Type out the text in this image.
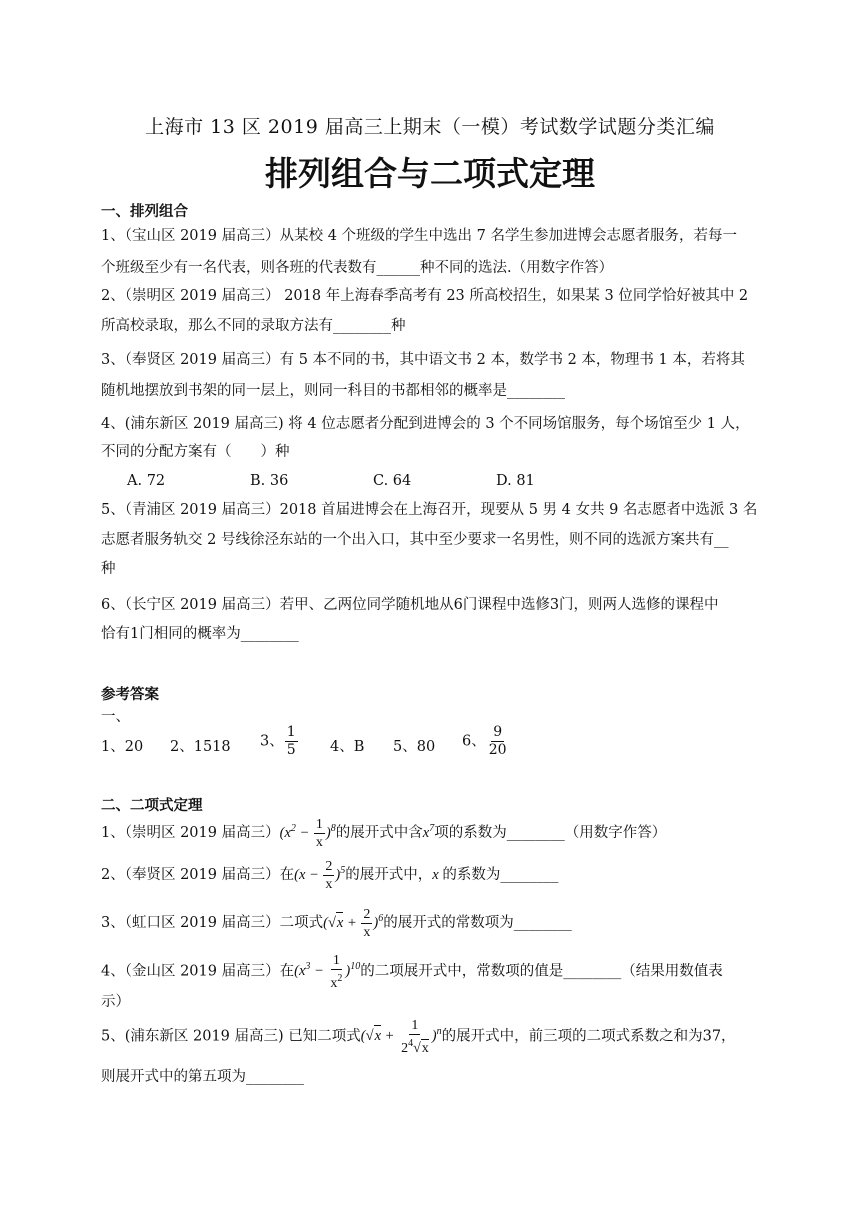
上海市 13 区 2019 届高三上期末（一模）考试数学试题分类汇编
排列组合与二项式定理
一、排列组合
1、（宝山区 2019 届高三）从某校 4 个班级的学生中选出 7 名学生参加进博会志愿者服务，若每一
个班级至少有一名代表，则各班的代表数有______种不同的选法.（用数字作答）
2、（崇明区 2019 届高三） 2018 年上海春季高考有 23 所高校招生，如果某 3 位同学恰好被其中 2
所高校录取，那么不同的录取方法有________种
3、（奉贤区 2019 届高三）有 5 本不同的书，其中语文书 2 本，数学书 2 本，物理书 1 本，若将其
随机地摆放到书架的同一层上，则同一科目的书都相邻的概率是________
4、(浦东新区 2019 届高三) 将 4 位志愿者分配到进博会的 3 个不同场馆服务，每个场馆至少 1 人，
不同的分配方案有（　　）种
A. 72	B. 36	C. 64	D. 81
5、（青浦区 2019 届高三）2018 首届进博会在上海召开，现要从 5 男 4 女共 9 名志愿者中选派 3 名
志愿者服务轨交 2 号线徐泾东站的一个出入口，其中至少要求一名男性，则不同的选派方案共有__
种
6、（长宁区 2019 届高三）若甲、乙两位同学随机地从6门课程中选修3门，则两人选修的课程中
恰有1门相同的概率为________
参考答案
一、
1、20 2、1518 3、 $\frac{1}{5} 4$、B 5、80 6、 $\frac{9}{20}$
二、二项式定理
1、（崇明区 2019 届高三）$(x^2 - \frac{1}{x} )^8$的展开式中含$x^7$项的系数为________（用数字作答）
2、（奉贤区 2019 届高三）在$(x - \frac{2}{x} )^5$的展开式中，x 的系数为________
3、（虹口区 2019 届高三）二项式$(√x + \frac{2}{x} )^6$的展开式的常数项为________
4、（金山区 2019 届高三）在$(x^3 - \frac{1}{x^2} )^{10}$的二项展开式中，常数项的值是________（结果用数值表
示）
5、(浦东新区 2019 届高三) 已知二项式$(√x + \frac{1}{2^4√x} )^n$的展开式中，前三项的二项式系数之和为37，
则展开式中的第五项为________
